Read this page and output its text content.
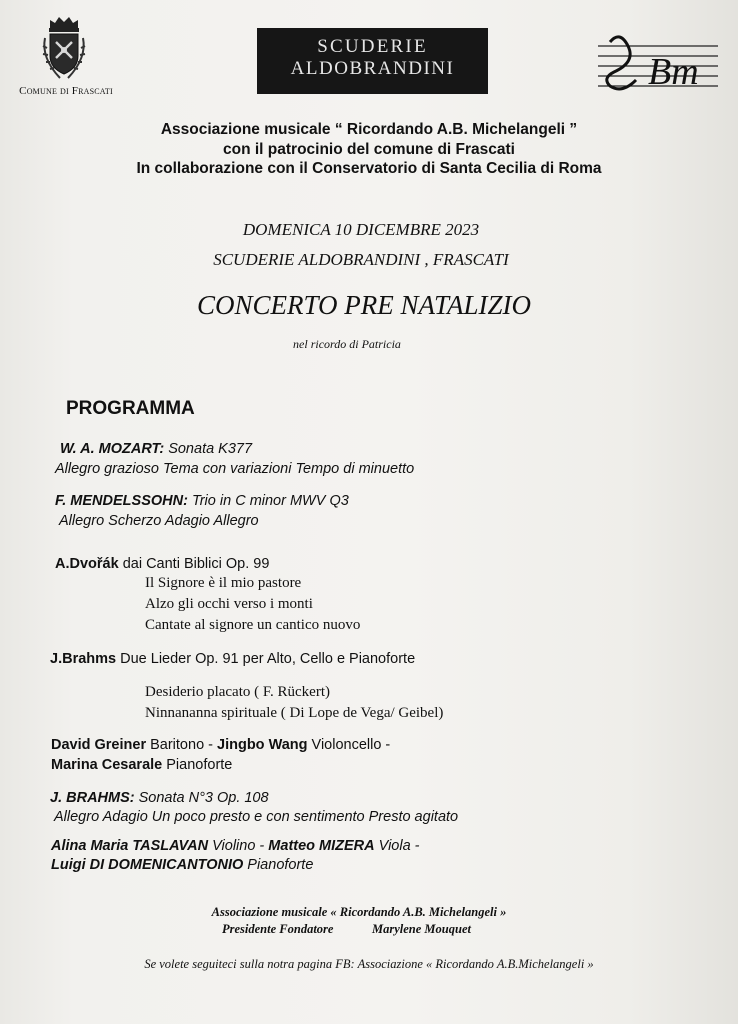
Comune di Frascati
SCUDERIE
ALDOBRANDINI	Bm
Associazione musicale “ Ricordando A.B. Michelangeli ”
con il patrocinio del comune di Frascati
In collaborazione con il Conservatorio di Santa Cecilia di Roma
DOMENICA 10 DICEMBRE 2023
SCUDERIE ALDOBRANDINI , FRASCATI
CONCERTO PRE NATALIZIO
nel ricordo di Patricia
PROGRAMMA
W. A. MOZART: Sonata K377
Allegro grazioso Tema con variazioni Tempo di minuetto
F. MENDELSSOHN: Trio in C minor MWV Q3
Allegro Scherzo Adagio Allegro
A.Dvořák dai Canti Biblici Op. 99
Il Signore è il mio pastore
Alzo gli occhi verso i monti
Cantate al signore un cantico nuovo
J.Brahms Due Lieder Op. 91 per Alto, Cello e Pianoforte
Desiderio placato ( F. Rückert)
Ninnananna spirituale ( Di Lope de Vega/ Geibel)
David Greiner Baritono - Jingbo Wang Violoncello -
Marina Cesarale Pianoforte
J. BRAHMS: Sonata N°3 Op. 108
Allegro Adagio Un poco presto e con sentimento Presto agitato
Alina Maria TASLAVAN Violino - Matteo MIZERA Viola -
Luigi DI DOMENICANTONIO Pianoforte
Associazione musicale « Ricordando A.B. Michelangeli »
Presidente Fondatore	Marylene Mouquet
Se volete seguiteci sulla notra pagina FB: Associazione « Ricordando A.B.Michelangeli »
